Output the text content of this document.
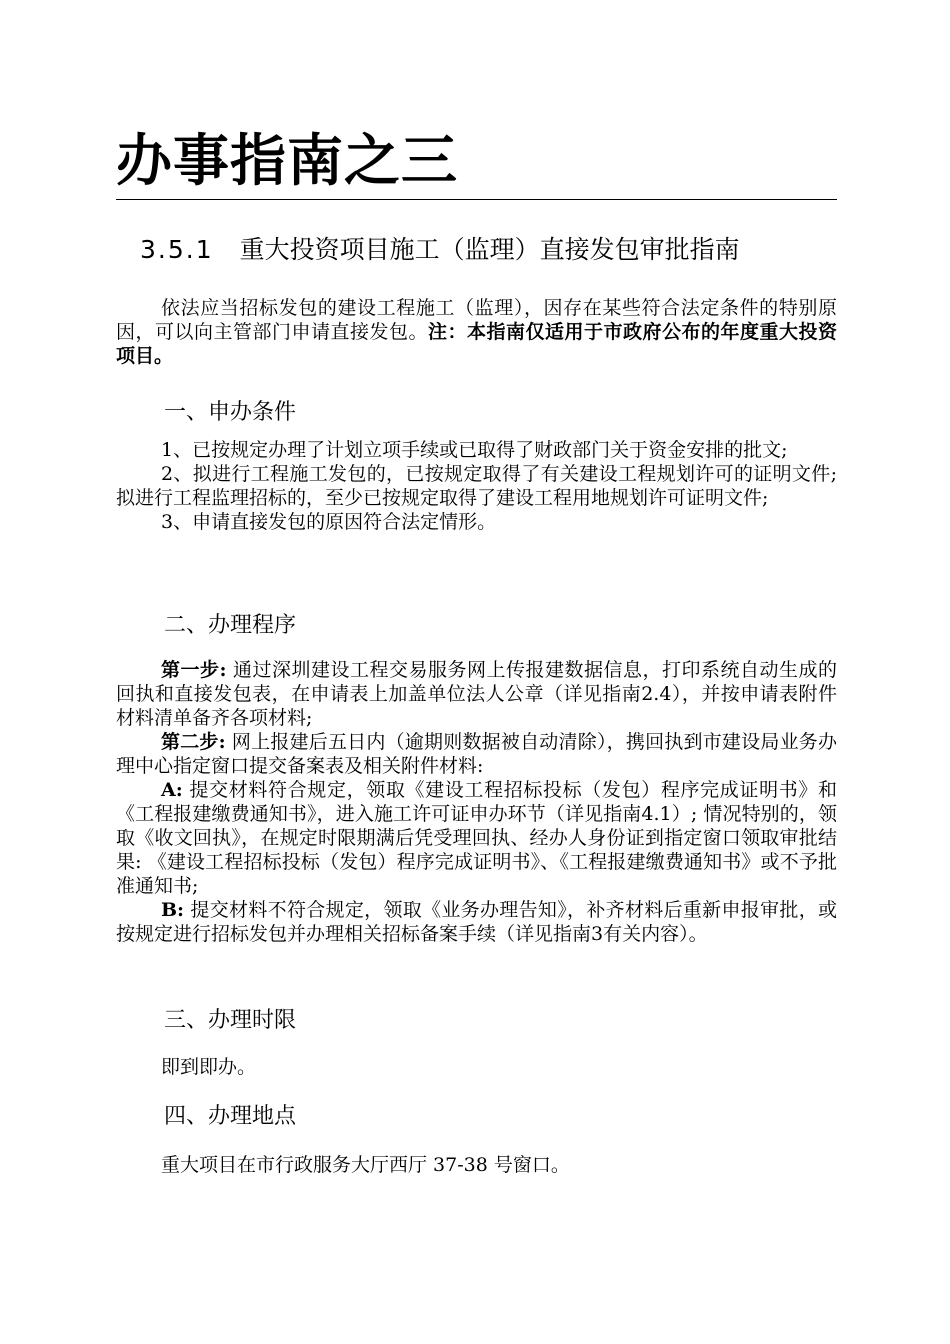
办事指南之三
3.5.1 重大投资项目施工（监理）直接发包审批指南

依法应当招标发包的建设工程施工（监理），因存在某些符合法定条件的特别原因，可以向主管部门申请直接发包。注：本指南仅适用于市政府公布的年度重大投资项目。

一、申办条件

1、已按规定办理了计划立项手续或已取得了财政部门关于资金安排的批文;

2、拟进行工程施工发包的，已按规定取得了有关建设工程规划许可的证明文件; 拟进行工程监理招标的，至少已按规定取得了建设工程用地规划许可证明文件;

3、申请直接发包的原因符合法定情形。

二、办理程序

第一步: 通过深圳建设工程交易服务网上传报建数据信息，打印系统自动生成的回执和直接发包表，在申请表上加盖单位法人公章（详见指南2.4），并按申请表附件材料清单备齐各项材料;

第二步: 网上报建后五日内（逾期则数据被自动清除），携回执到市建设局业务办理中心指定窗口提交备案表及相关附件材料:

A: 提交材料符合规定，领取《建设工程招标投标（发包）程序完成证明书》和《工程报建缴费通知书》，进入施工许可证申办环节（详见指南4.1）; 情况特别的，领取《收文回执》，在规定时限期满后凭受理回执、经办人身份证到指定窗口领取审批结果: 《建设工程招标投标（发包）程序完成证明书》、《工程报建缴费通知书》或不予批准通知书;

B: 提交材料不符合规定，领取《业务办理告知》，补齐材料后重新申报审批，或按规定进行招标发包并办理相关招标备案手续（详见指南3有关内容）。

三、办理时限

即到即办。

四、办理地点

重大项目在市行政服务大厅西厅 37-38 号窗口。
